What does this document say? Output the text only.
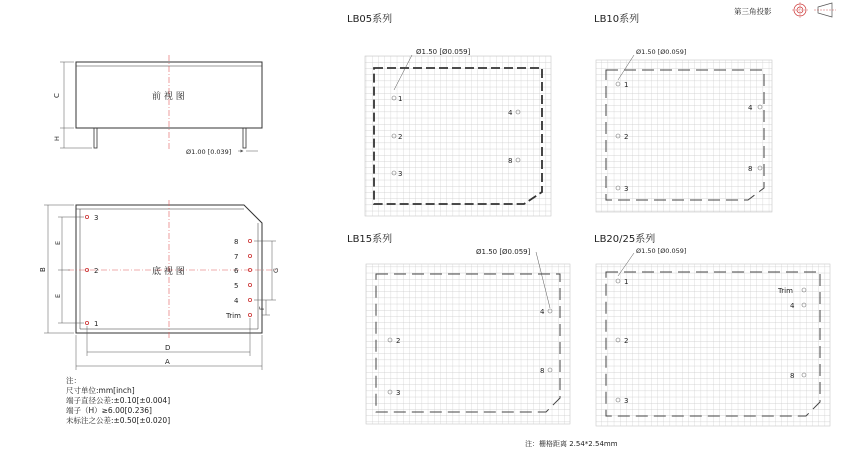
C
H
Ø1.00 [0.039]
前 视 图
底 视 图
3
2
1
8
7
6
5
4
Trim
B
E
E
D
A
G
F
LB05系列
Ø1.50 [Ø0.059]
1
2
3
4
8
LB10系列
Ø1.50 [Ø0.059]
1
2
3
4
8
LB15系列
Ø1.50 [Ø0.059]
2
3
4
8
LB20/25系列
Ø1.50 [Ø0.059]
1
2
3
Trim
4
8
第三角投影
注：
尺寸单位:mm[inch]
端子直径公差:±0.10[±0.004]
端子（H）≥6.00[0.236]
未标注之公差:±0.50[±0.020]
注：栅格距离 2.54*2.54mm
